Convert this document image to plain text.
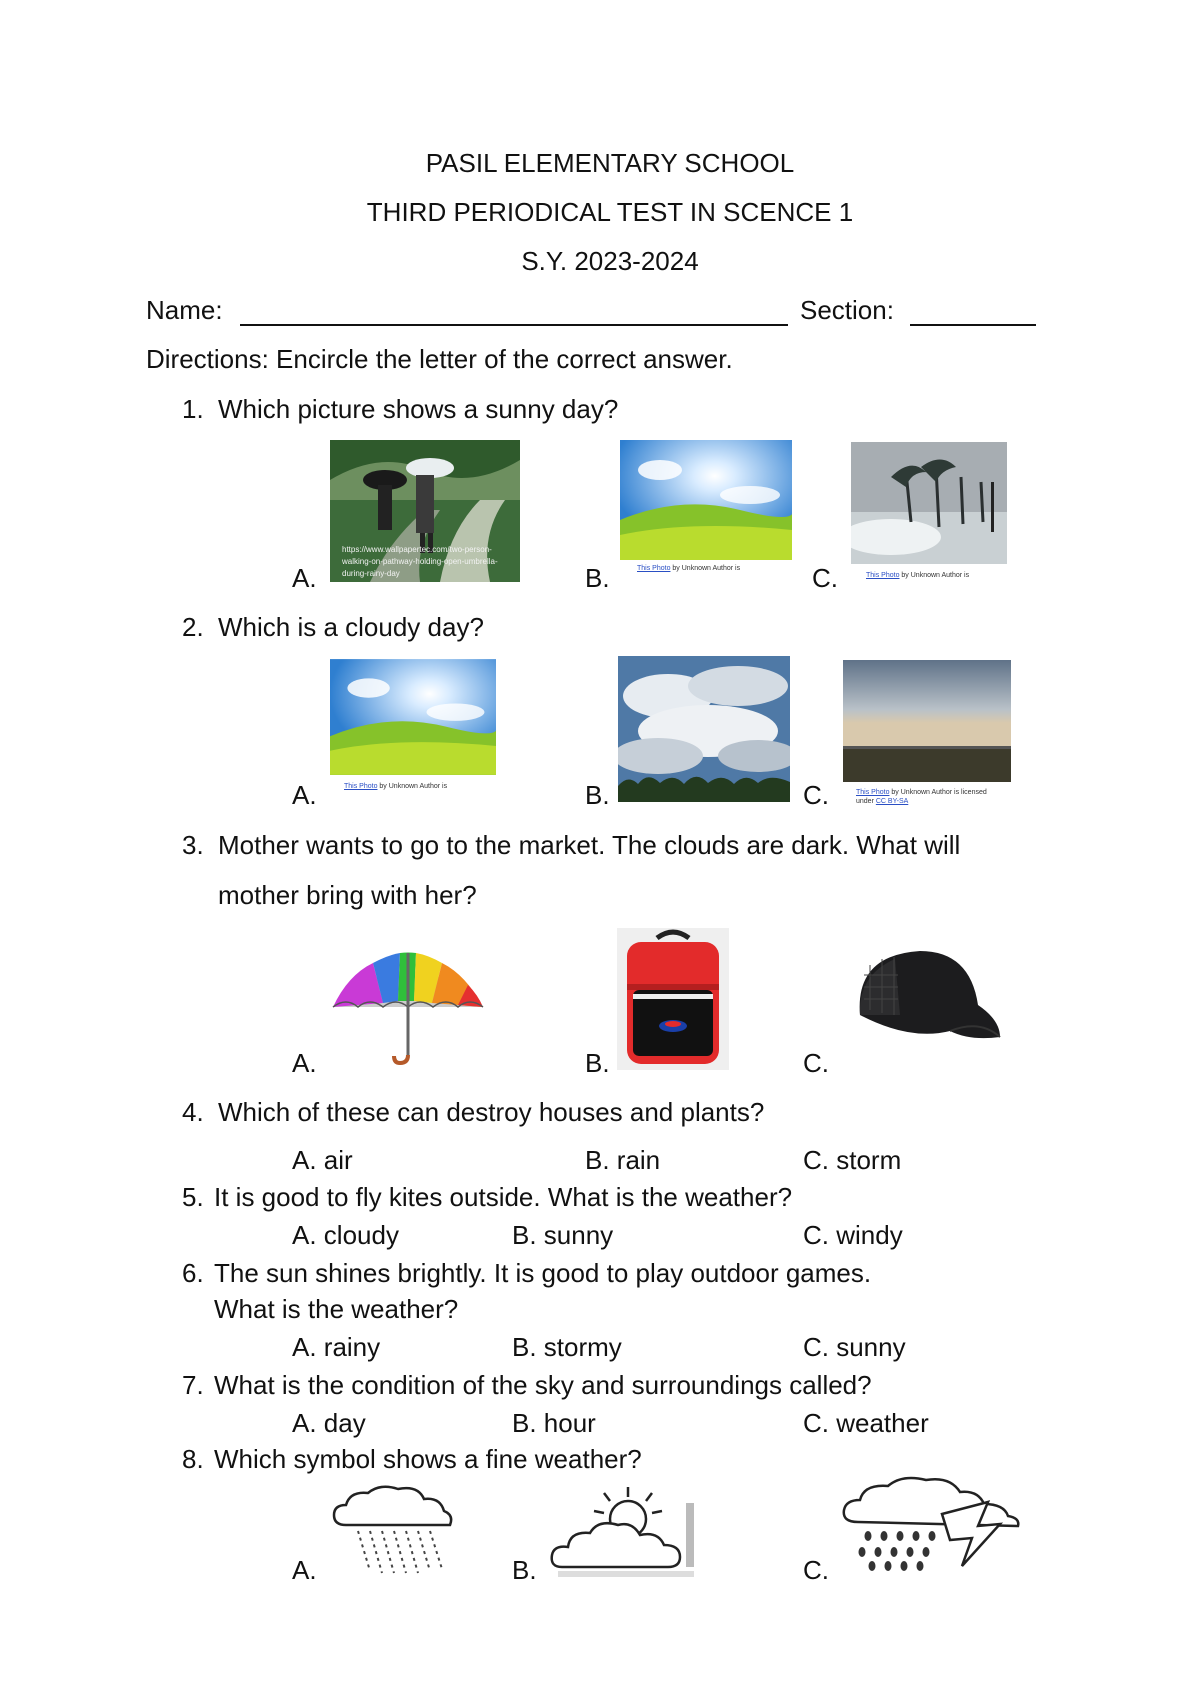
PASIL ELEMENTARY SCHOOL
THIRD PERIODICAL TEST IN SCENCE 1
S.Y. 2023-2024
Name:	Section:
Directions: Encircle the letter of the correct answer.
1. Which picture shows a sunny day?
A.
https://www.wallpapertec.com/two-person-walking-on-pathway-holding-open-umbrella-during-rainy-day	B.	This Photo by Unknown Author is	C.	This Photo by Unknown Author is
2. Which is a cloudy day?
A.	This Photo by Unknown Author is	B.	C.	This Photo by Unknown Author is licensed
under CC BY-SA
3. Mother wants to go to the market. The clouds are dark. What will
mother bring with her?
A.	B.	C.
4. Which of these can destroy houses and plants?
A. air	B. rain	C. storm
5. It is good to fly kites outside. What is the weather?
A. cloudy	B. sunny	C. windy
6. The sun shines brightly. It is good to play outdoor games.
What is the weather?
A. rainy	B. stormy	C. sunny
7. What is the condition of the sky and surroundings called?
A. day	B. hour	C. weather
8. Which symbol shows a fine weather?
A.	B.	C.
